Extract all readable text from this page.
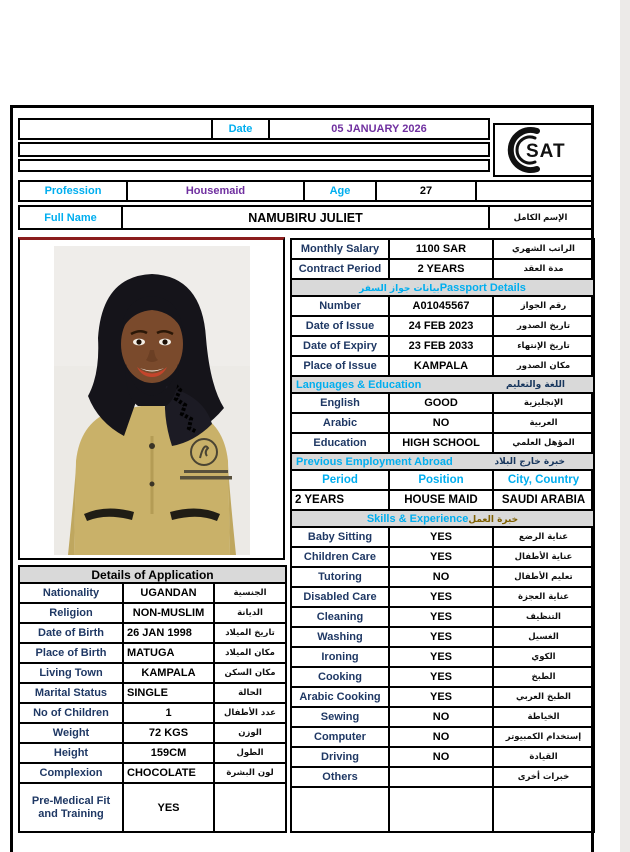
Date	05 JANUARY 2026
SAT
Profession	Housemaid	Age	27
Full Name	NAMUBIRU JULIET	الإسم الكامل
Details of Application		
Nationality	UGANDAN	الجنسية
Religion	NON-MUSLIM	الديانة
Date of Birth	26 JAN 1998	تاريخ الميلاد
Place of Birth	MATUGA	مكان الميلاد
Living Town	KAMPALA	مكان السكن
Marital Status	SINGLE	الحالة
No of Children	1	عدد الأطفال
Weight	72 KGS	الوزن
Height	159CM	الطول
Complexion	CHOCOLATE	لون البشرة
Pre-Medical Fit and Training	YES	
Monthly Salary	1100 SAR	الراتب الشهري
Contract Period	2 YEARS	مدة العقد
بيانات جواز السفرPassport Details		
Number	A01045567	رقم الجواز
Date of Issue	24 FEB 2023	تاريخ الصدور
Date of Expiry	23 FEB 2033	تاريخ الإنتهاء
Place of Issue	KAMPALA	مكان الصدور

Languages & Education اللغة والتعليم		

English	GOOD	الإنجليزية
Arabic	NO	العربية
Education	HIGH SCHOOL	المؤهل العلمي

Previous Employment Abroad خبرة خارج البلاد		

Period	Position	City, Country
2 YEARS	HOUSE MAID	SAUDI ARABIA
Skills & Experienceخبرة العمل		
Baby Sitting	YES	عناية الرضع
Children Care	YES	عناية الأطفال
Tutoring	NO	تعليم الأطفال
Disabled Care	YES	عناية العجزة
Cleaning	YES	التنظيف
Washing	YES	الغسيل
Ironing	YES	الكوي
Cooking	YES	الطبخ
Arabic Cooking	YES	الطبخ العربي
Sewing	NO	الخياطة
Computer	NO	إستخدام الكمبيوتر
Driving	NO	القيادة
Others		خبرات أخرى
